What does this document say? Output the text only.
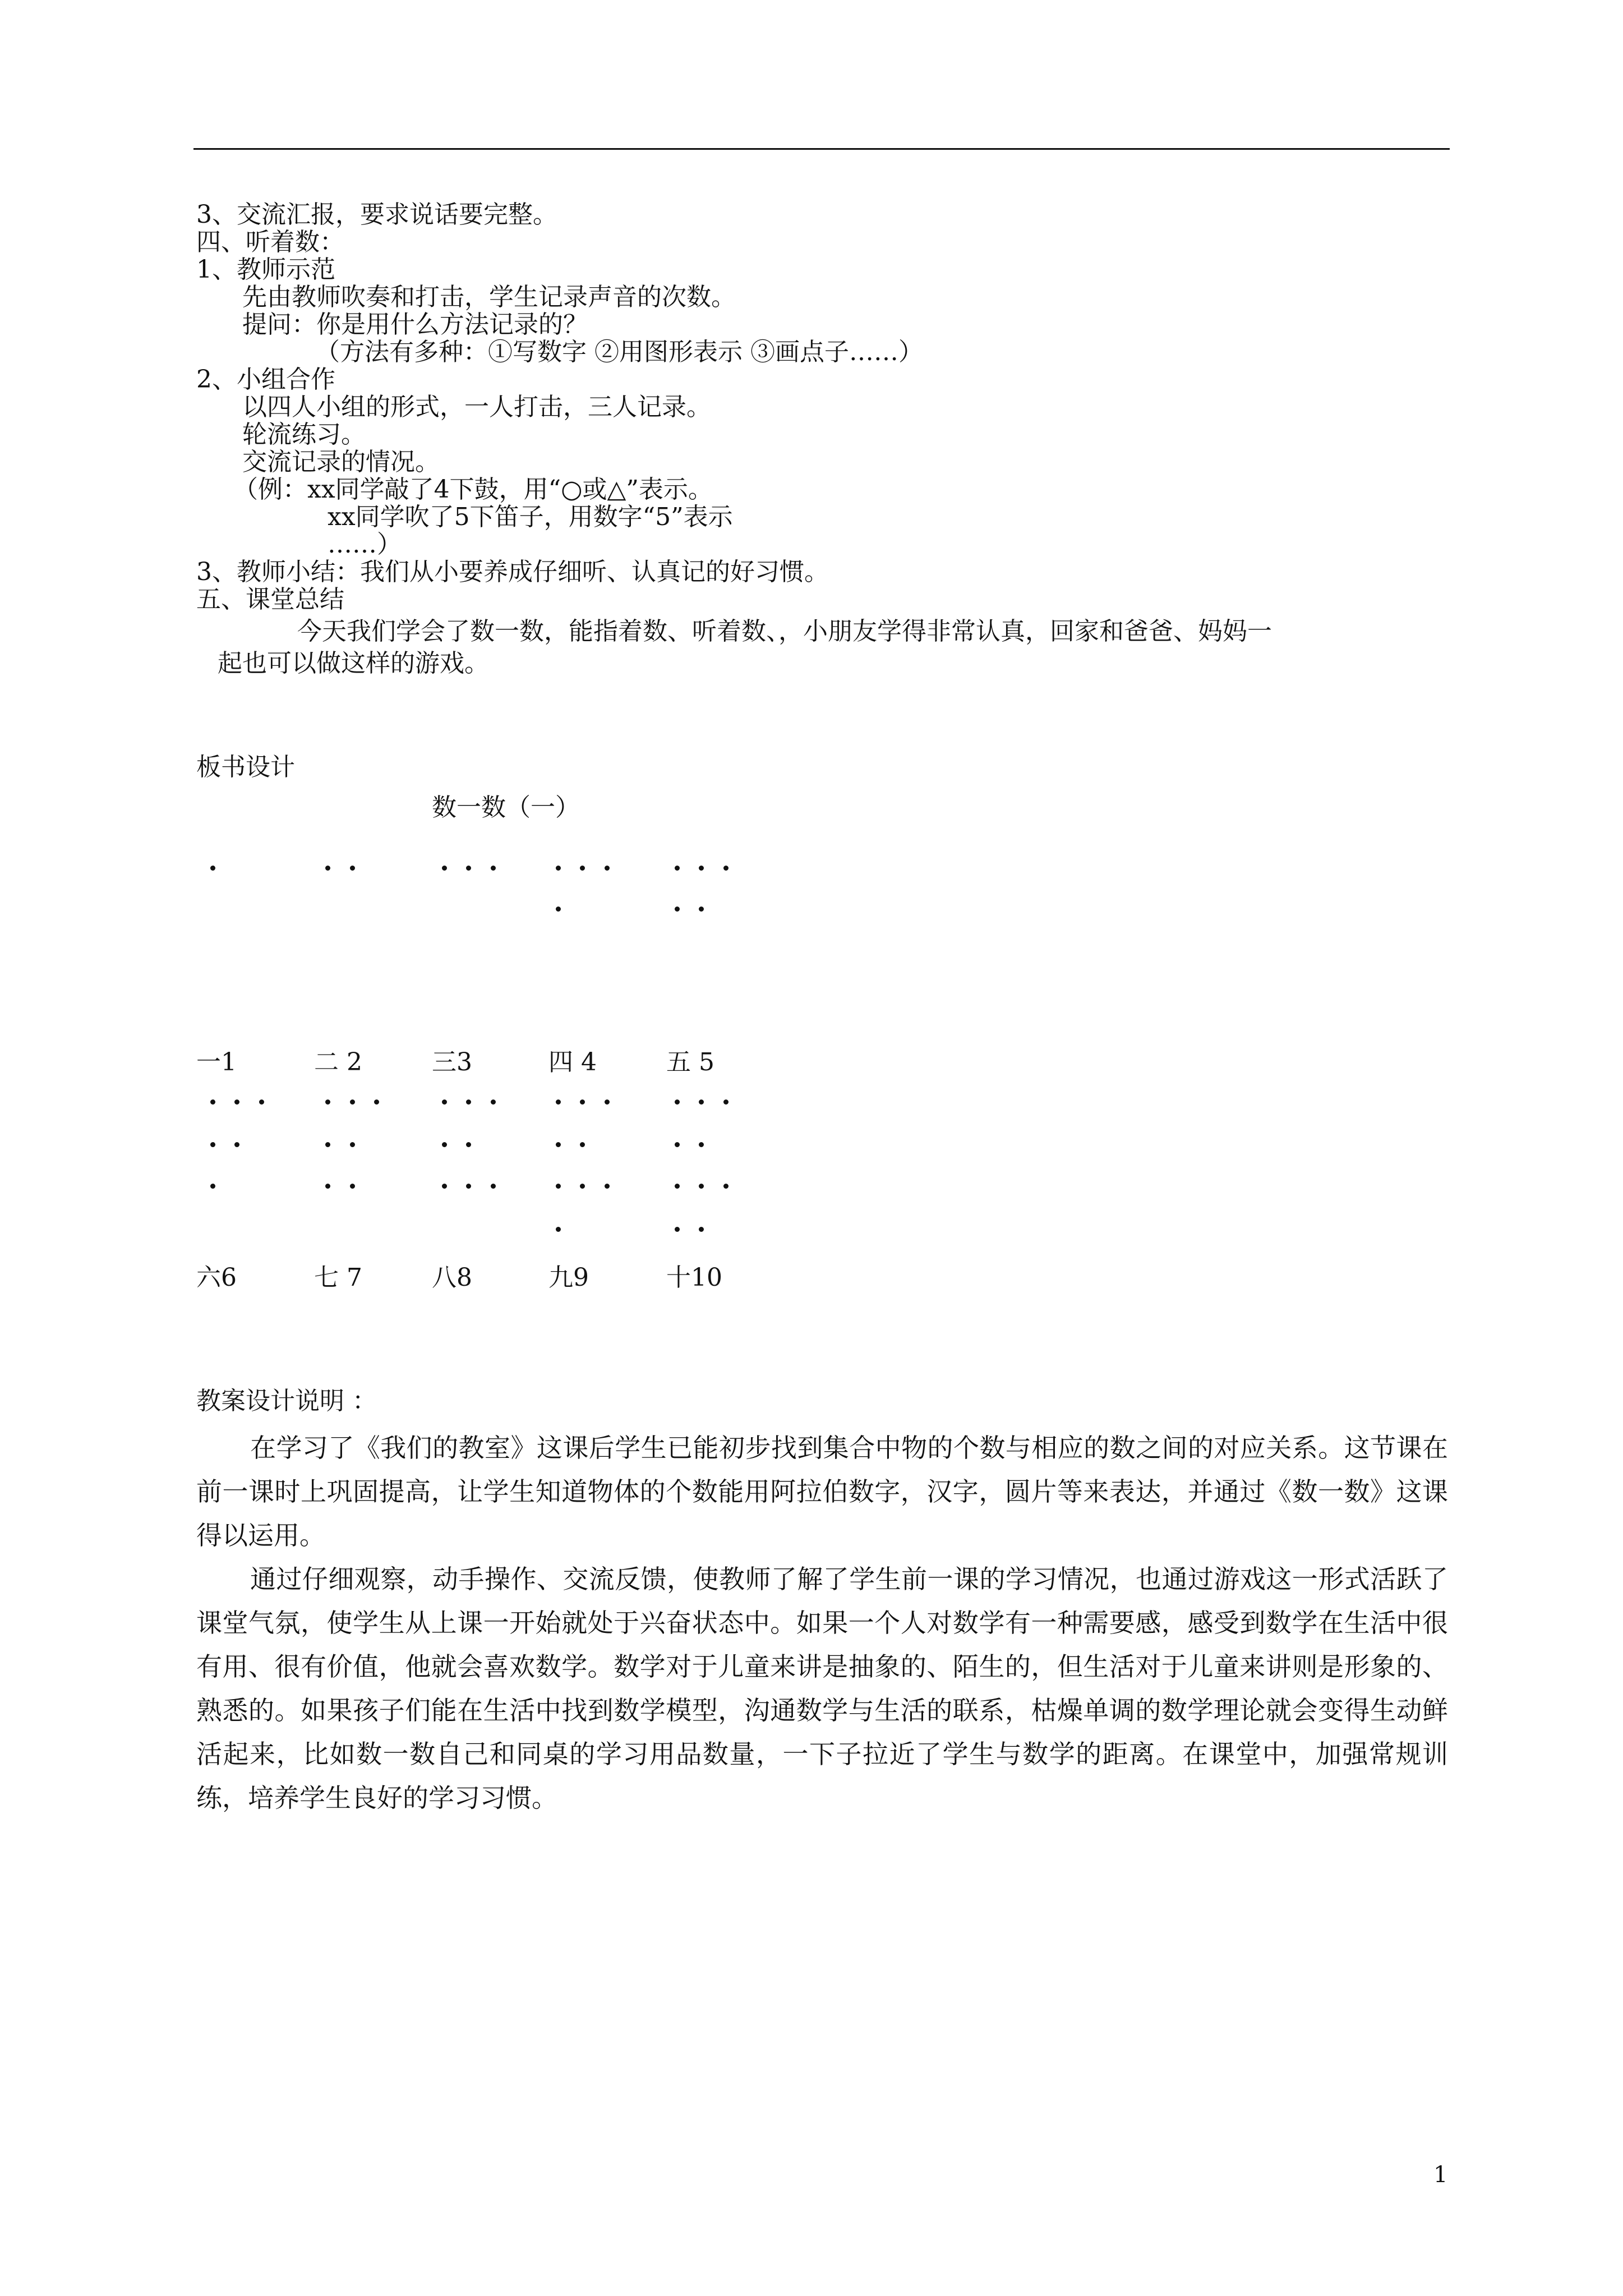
3、交流汇报，要求说话要完整。
四、听着数：
1、教师示范
先由教师吹奏和打击，学生记录声音的次数。
提问：你是用什么方法记录的？
（方法有多种：①写数字 ②用图形表示 ③画点子……）
2、小组合作
以四人小组的形式，一人打击，三人记录。
轮流练习。
交流记录的情况。
（例：xx同学敲了4下鼓，用“○或△”表示。
xx同学吹了5下笛子，用数字“5”表示
……）
3、教师小结：我们从小要养成仔细听、认真记的好习惯。
五、课堂总结
今天我们学会了数一数，能指着数、听着数、，小朋友学得非常认真，回家和爸爸、妈妈一
起也可以做这样的游戏。
板书设计
数一数（一）
一1	二 2	三3	四 4	五 5
六6	七 7	八8	九9	十10
教案设计说明 ：

在学习了《我们的教室》这课后学生已能初步找到集合中物的个数与相应的数之间的对应关系。这节课在前一课时上巩固提高，让学生知道物体的个数能用阿拉伯数字，汉字，圆片等来表达，并通过《数一数》这课得以运用。

通过仔细观察，动手操作、交流反馈，使教师了解了学生前一课的学习情况，也通过游戏这一形式活跃了课堂气氛，使学生从上课一开始就处于兴奋状态中。如果一个人对数学有一种需要感，感受到数学在生活中很有用、很有价值，他就会喜欢数学。数学对于儿童来讲是抽象的、陌生的，但生活对于儿童来讲则是形象的、熟悉的。如果孩子们能在生活中找到数学模型，沟通数学与生活的联系，枯燥单调的数学理论就会变得生动鲜活起来，比如数一数自己和同桌的学习用品数量，一下子拉近了学生与数学的距离。在课堂中，加强常规训练，培养学生良好的学习习惯。

1
